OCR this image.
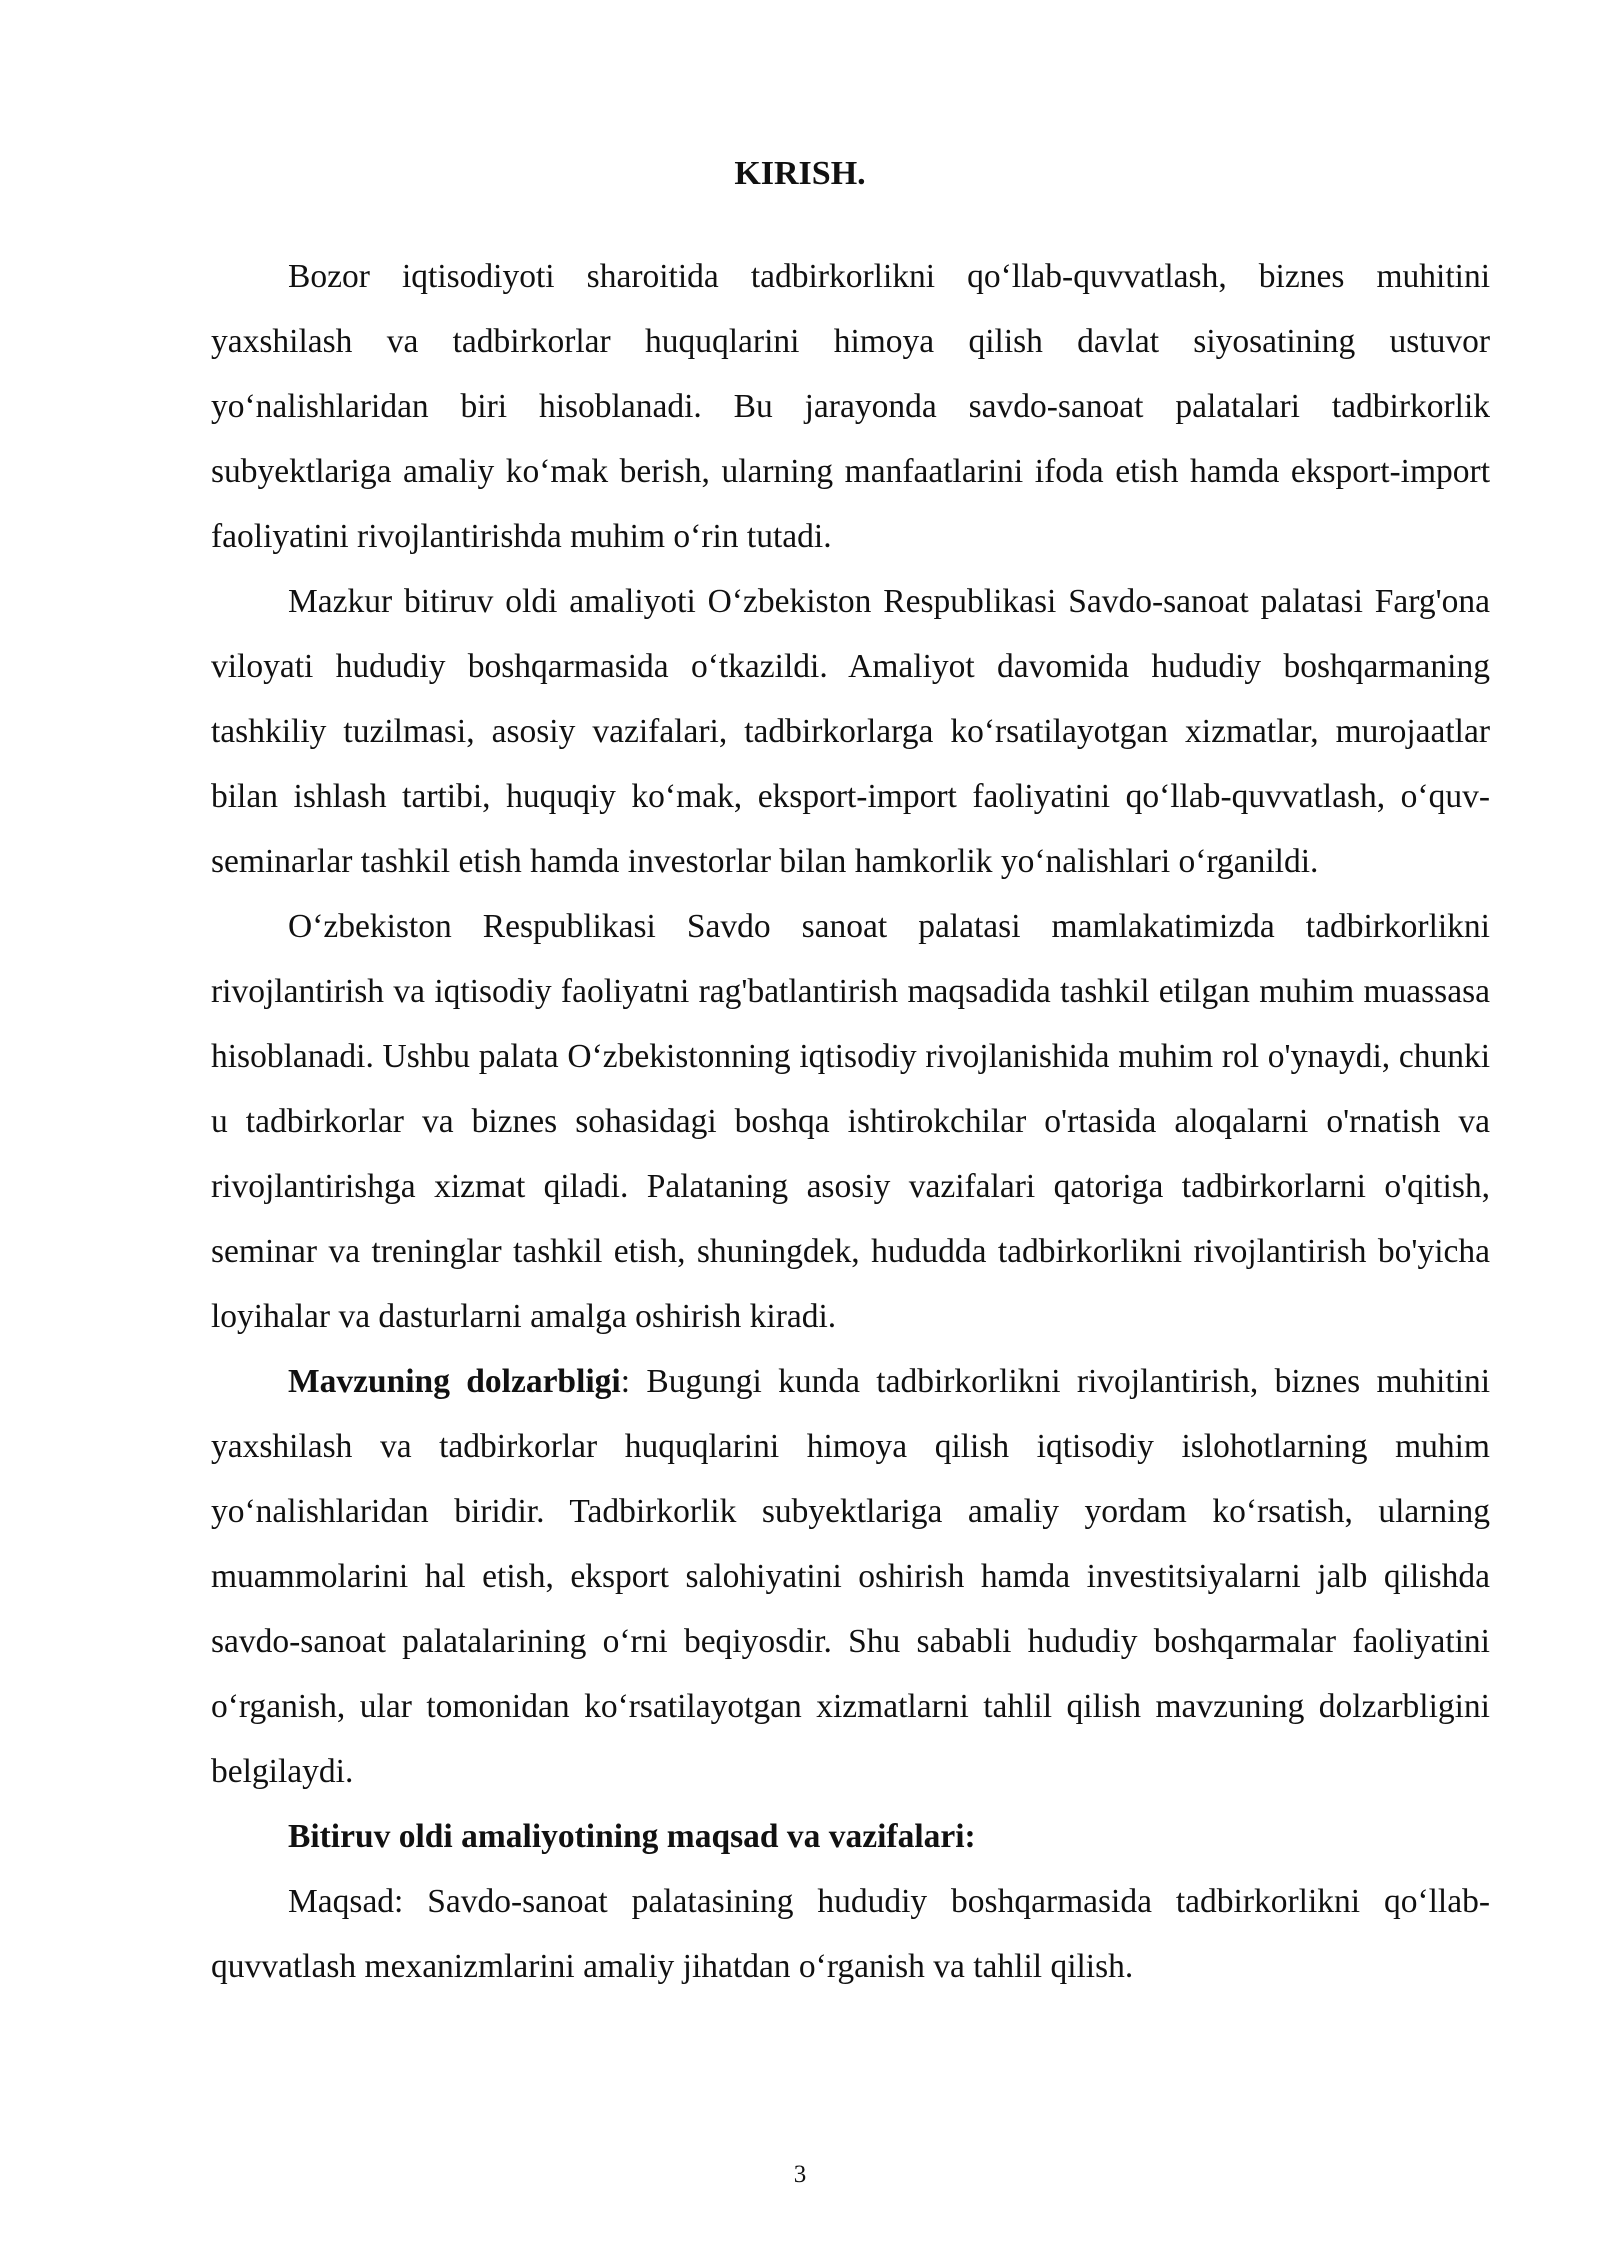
KIRISH.

Bozor iqtisodiyoti sharoitida tadbirkorlikni qoʻllab-quvvatlash, biznes muhitini yaxshilash va tadbirkorlar huquqlarini himoya qilish davlat siyosatining ustuvor yoʻnalishlaridan biri hisoblanadi. Bu jarayonda savdo-sanoat palatalari tadbirkorlik subyektlariga amaliy koʻmak berish, ularning manfaatlarini ifoda etish hamda eksport-import faoliyatini rivojlantirishda muhim oʻrin tutadi.

Mazkur bitiruv oldi amaliyoti Oʻzbekiston Respublikasi Savdo-sanoat palatasi Farg'ona viloyati hududiy boshqarmasida oʻtkazildi. Amaliyot davomida hududiy boshqarmaning tashkiliy tuzilmasi, asosiy vazifalari, tadbirkorlarga koʻrsatilayotgan xizmatlar, murojaatlar bilan ishlash tartibi, huquqiy koʻmak, eksport-import faoliyatini qoʻllab-quvvatlash, oʻquv-seminarlar tashkil etish hamda investorlar bilan hamkorlik yoʻnalishlari oʻrganildi.

Oʻzbekiston Respublikasi Savdo sanoat palatasi mamlakatimizda tadbirkorlikni rivojlantirish va iqtisodiy faoliyatni rag'batlantirish maqsadida tashkil etilgan muhim muassasa hisoblanadi. Ushbu palata Oʻzbekistonning iqtisodiy rivojlanishida muhim rol o'ynaydi, chunki u tadbirkorlar va biznes sohasidagi boshqa ishtirokchilar o'rtasida aloqalarni o'rnatish va rivojlantirishga xizmat qiladi. Palataning asosiy vazifalari qatoriga tadbirkorlarni o'qitish, seminar va treninglar tashkil etish, shuningdek, hududda tadbirkorlikni rivojlantirish bo'yicha loyihalar va dasturlarni amalga oshirish kiradi.

Mavzuning dolzarbligi: Bugungi kunda tadbirkorlikni rivojlantirish, biznes muhitini yaxshilash va tadbirkorlar huquqlarini himoya qilish iqtisodiy islohotlarning muhim yoʻnalishlaridan biridir. Tadbirkorlik subyektlariga amaliy yordam koʻrsatish, ularning muammolarini hal etish, eksport salohiyatini oshirish hamda investitsiyalarni jalb qilishda savdo-sanoat palatalarining oʻrni beqiyosdir. Shu sababli hududiy boshqarmalar faoliyatini oʻrganish, ular tomonidan koʻrsatilayotgan xizmatlarni tahlil qilish mavzuning dolzarbligini belgilaydi.

Bitiruv oldi amaliyotining maqsad va vazifalari:

Maqsad: Savdo-sanoat palatasining hududiy boshqarmasida tadbirkorlikni qoʻllab-quvvatlash mexanizmlarini amaliy jihatdan oʻrganish va tahlil qilish.

3
